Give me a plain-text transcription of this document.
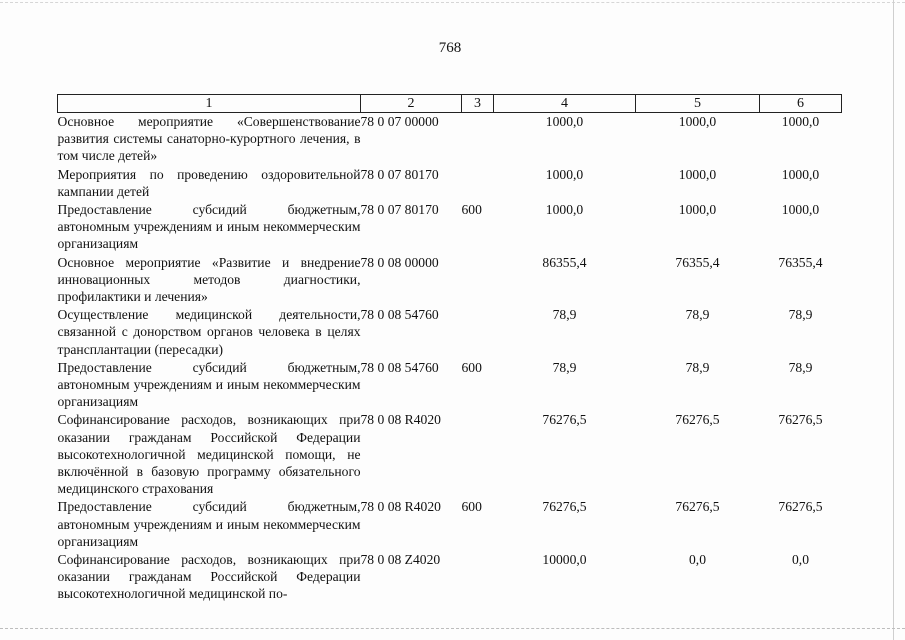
768
1	2	3	4	5	6
Основное мероприятие «Совершенствование развития системы санаторно-курортного лечения, в том числе детей»	78 0 07 00000		1000,0	1000,0	1000,0
Мероприятия по проведению оздоровительной кампании детей	78 0 07 80170		1000,0	1000,0	1000,0
Предоставление субсидий бюджетным, автономным учреждениям и иным некоммерческим организациям	78 0 07 80170	600	1000,0	1000,0	1000,0
Основное мероприятие «Развитие и внедрение инновационных методов диагностики, профилактики и лечения»	78 0 08 00000		86355,4	76355,4	76355,4
Осуществление медицинской деятельности, связанной с донорством органов человека в целях трансплантации (пересадки)	78 0 08 54760		78,9	78,9	78,9
Предоставление субсидий бюджетным, автономным учреждениям и иным некоммерческим организациям	78 0 08 54760	600	78,9	78,9	78,9
Софинансирование расходов, возникающих при оказании гражданам Российской Федерации высокотехнологичной медицинской помощи, не включённой в базовую программу обязательного медицинского страхования	78 0 08 R4020		76276,5	76276,5	76276,5
Предоставление субсидий бюджетным, автономным учреждениям и иным некоммерческим организациям	78 0 08 R4020	600	76276,5	76276,5	76276,5
Софинансирование расходов, возникающих при оказании гражданам Российской Федерации высокотехнологичной медицинской по-	78 0 08 Z4020		10000,0	0,0	0,0
